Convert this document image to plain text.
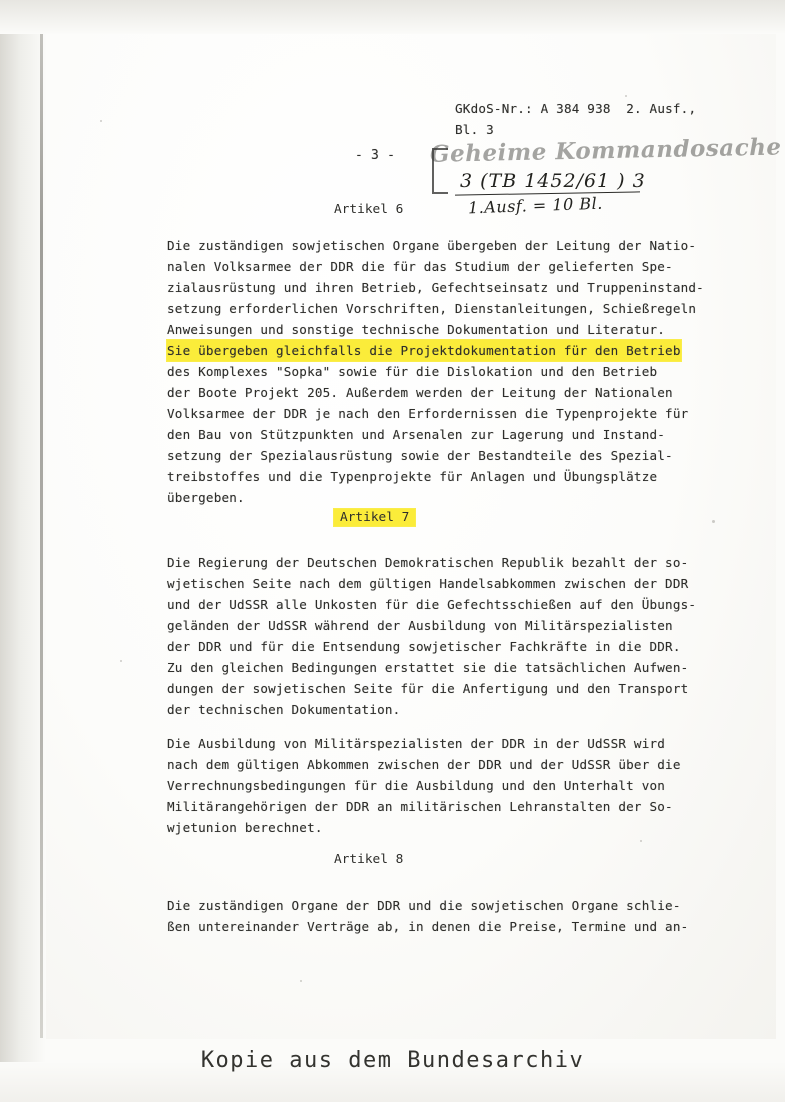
GKdoS-Nr.: A 384 938  2. Ausf.,
Bl. 3
- 3 - Geheime Kommandosache
3 (TB 1452/61 ) 3
1.Ausf. = 10 Bl.
Artikel 6
Die zuständigen sowjetischen Organe übergeben der Leitung der Natio-
nalen Volksarmee der DDR die für das Studium der gelieferten Spe-
zialausrüstung und ihren Betrieb, Gefechtseinsatz und Truppeninstand-
setzung erforderlichen Vorschriften, Dienstanleitungen, Schießregeln
Anweisungen und sonstige technische Dokumentation und Literatur.
Sie übergeben gleichfalls die Projektdokumentation für den Betrieb
des Komplexes "Sopka" sowie für die Dislokation und den Betrieb
der Boote Projekt 205. Außerdem werden der Leitung der Nationalen
Volksarmee der DDR je nach den Erfordernissen die Typenprojekte für
den Bau von Stützpunkten und Arsenalen zur Lagerung und Instand-
setzung der Spezialausrüstung sowie der Bestandteile des Spezial-
treibstoffes und die Typenprojekte für Anlagen und Übungsplätze
übergeben.
Artikel 7
Die Regierung der Deutschen Demokratischen Republik bezahlt der so-
wjetischen Seite nach dem gültigen Handelsabkommen zwischen der DDR
und der UdSSR alle Unkosten für die Gefechtsschießen auf den Übungs-
geländen der UdSSR während der Ausbildung von Militärspezialisten
der DDR und für die Entsendung sowjetischer Fachkräfte in die DDR.
Zu den gleichen Bedingungen erstattet sie die tatsächlichen Aufwen-
dungen der sowjetischen Seite für die Anfertigung und den Transport
der technischen Dokumentation.
Die Ausbildung von Militärspezialisten der DDR in der UdSSR wird
nach dem gültigen Abkommen zwischen der DDR und der UdSSR über die
Verrechnungsbedingungen für die Ausbildung und den Unterhalt von
Militärangehörigen der DDR an militärischen Lehranstalten der So-
wjetunion berechnet.
Artikel 8
Die zuständigen Organe der DDR und die sowjetischen Organe schlie-
ßen untereinander Verträge ab, in denen die Preise, Termine und an-
Kopie aus dem Bundesarchiv
